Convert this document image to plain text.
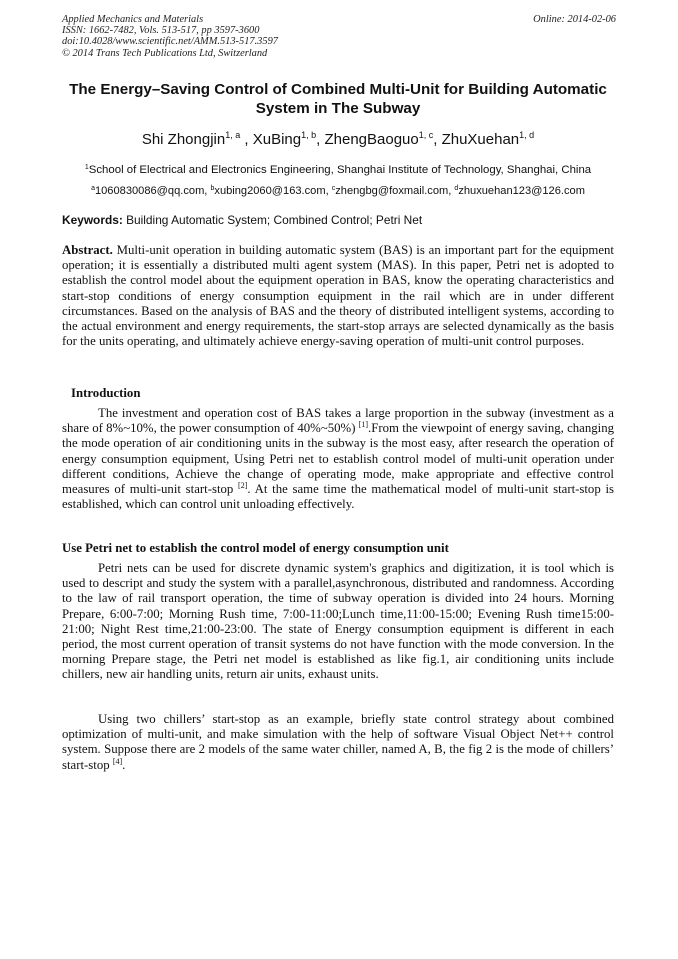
Applied Mechanics and Materials
ISSN: 1662-7482, Vols. 513-517, pp 3597-3600
doi:10.4028/www.scientific.net/AMM.513-517.3597
© 2014 Trans Tech Publications Ltd, Switzerland
Online: 2014-02-06
The Energy–Saving Control of Combined Multi-Unit for Building Automatic System in The Subway
Shi Zhongjin$^{1, a}$ , XuBing$^{1, b}$, ZhengBaoguo$^{1, c}$, ZhuXuehan$^{1, d}$
$^1$School of Electrical and Electronics Engineering, Shanghai Institute of Technology, Shanghai, China
$^a$1060830086@qq.com, $^b$xubing2060@163.com, $^c$zhengbg@foxmail.com, $^d$zhuxuehan123@126.com
Keywords: Building Automatic System; Combined Control; Petri Net
Abstract. Multi-unit operation in building automatic system (BAS) is an important part for the equipment operation; it is essentially a distributed multi agent system (MAS). In this paper, Petri net is adopted to establish the control model about the equipment operation in BAS, know the operating characteristics and start-stop conditions of energy consumption equipment in the rail which are in under different circumstances. Based on the analysis of BAS and the theory of distributed intelligent systems, according to the actual environment and energy requirements, the start-stop arrays are selected dynamically as the basis for the units operating, and ultimately achieve energy-saving operation of multi-unit control purposes.
Introduction
The investment and operation cost of BAS takes a large proportion in the subway (investment as a share of 8%~10%, the power consumption of 40%~50%) [1].From the viewpoint of energy saving, changing the mode operation of air conditioning units in the subway is the most easy, after research the operation of energy consumption equipment, Using Petri net to establish control model of multi-unit operation under different conditions, Achieve the change of operating mode, make appropriate and effective control measures of multi-unit start-stop [2]. At the same time the mathematical model of multi-unit start-stop is established, which can control unit unloading effectively.
Use Petri net to establish the control model of energy consumption unit
Petri nets can be used for discrete dynamic system's graphics and digitization, it is tool which is used to descript and study the system with a parallel,asynchronous, distributed and randomness. According to the law of rail transport operation, the time of subway operation is divided into 24 hours. Morning Prepare, 6:00-7:00; Morning Rush time, 7:00-11:00;Lunch time,11:00-15:00; Evening Rush time15:00-21:00; Night Rest time,21:00-23:00. The state of Energy consumption equipment is different in each period, the most current operation of transit systems do not have function with the mode conversion. In the morning Prepare stage, the Petri net model is established as like fig.1, air conditioning units include chillers, new air handling units, return air units, exhaust units.
Using two chillers’ start-stop as an example, briefly state control strategy about combined optimization of multi-unit, and make simulation with the help of software Visual Object Net++ control system. Suppose there are 2 models of the same water chiller, named A, B, the fig 2 is the mode of chillers’ start-stop [4].
